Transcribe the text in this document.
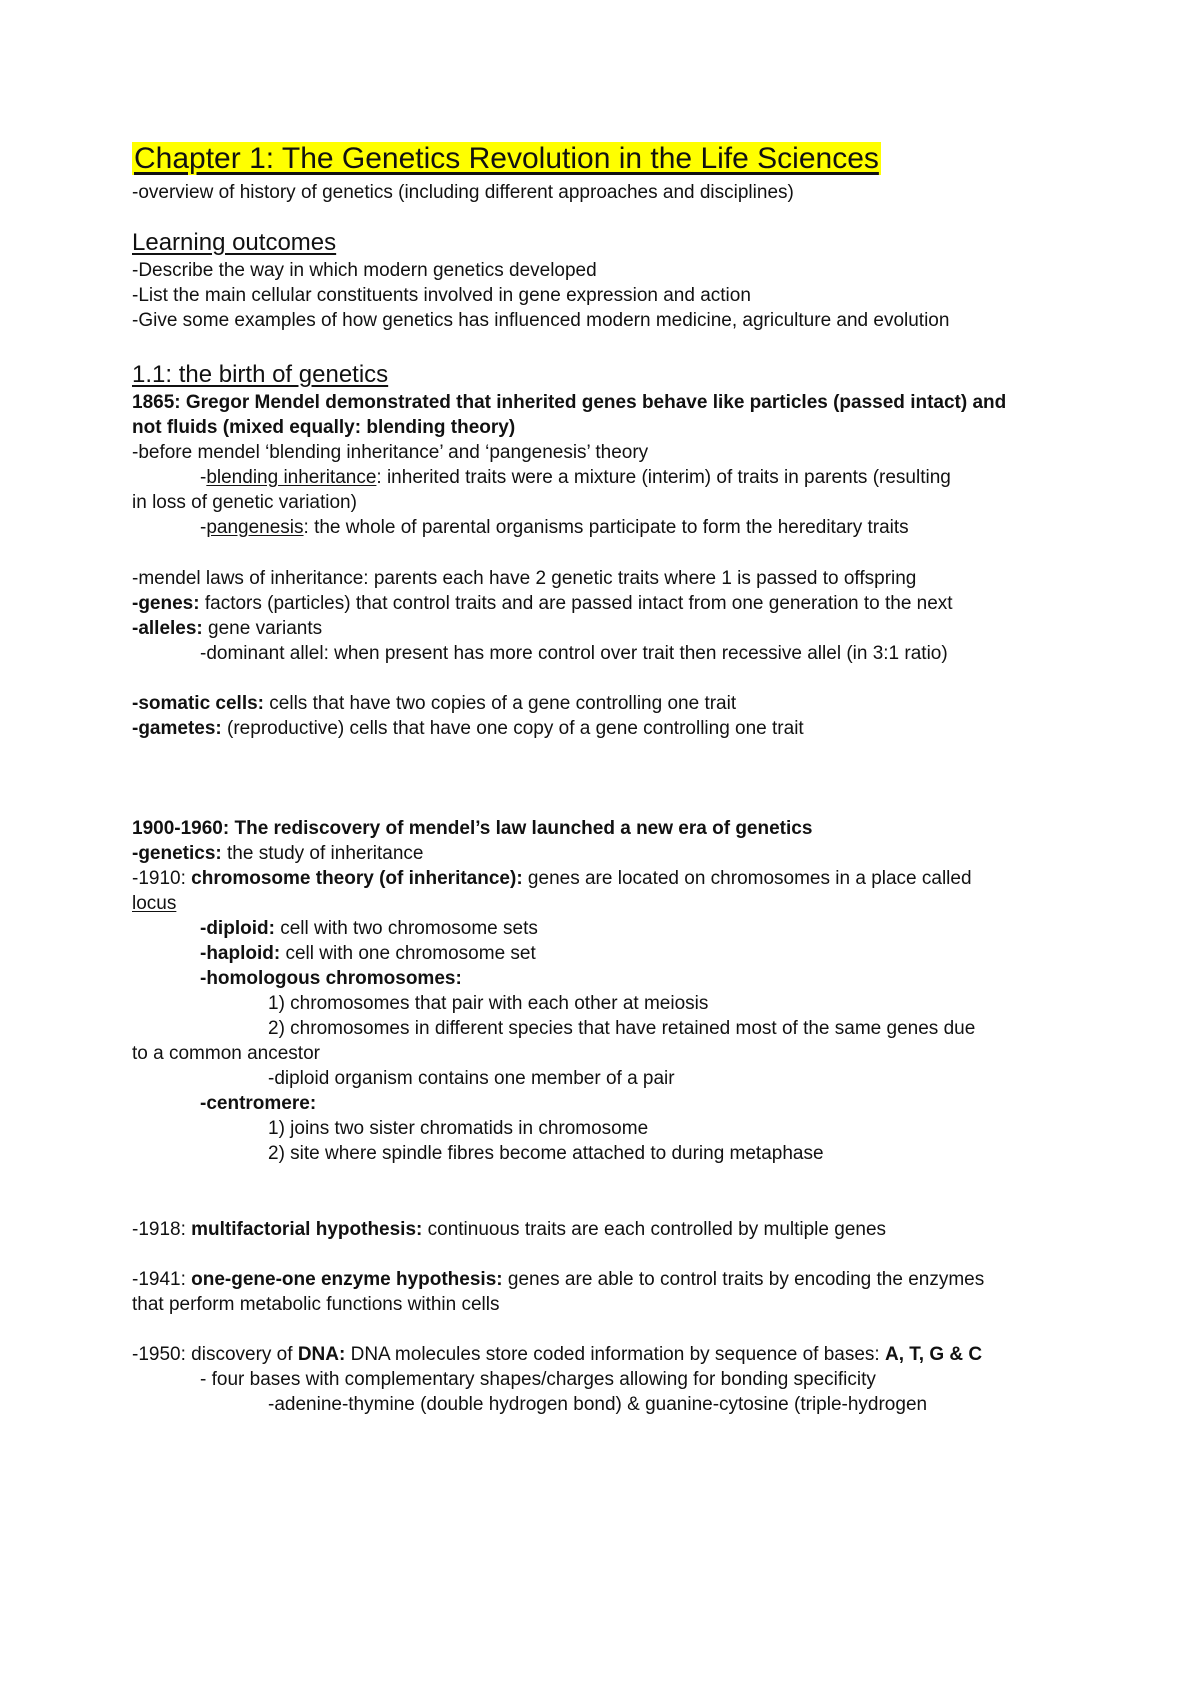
Chapter 1: The Genetics Revolution in the Life Sciences
-overview of history of genetics (including different approaches and disciplines)
Learning outcomes
-Describe the way in which modern genetics developed
-List the main cellular constituents involved in gene expression and action
-Give some examples of how genetics has influenced modern medicine, agriculture and evolution
1.1: the birth of genetics
1865: Gregor Mendel demonstrated that inherited genes behave like particles (passed intact) and
not fluids (mixed equally: blending theory)
-before mendel ‘blending inheritance’ and ‘pangenesis’ theory
-blending inheritance: inherited traits were a mixture (interim) of traits in parents (resulting
in loss of genetic variation)
-pangenesis: the whole of parental organisms participate to form the hereditary traits
-mendel laws of inheritance: parents each have 2 genetic traits where 1 is passed to offspring
-genes: factors (particles) that control traits and are passed intact from one generation to the next
-alleles: gene variants
-dominant allel: when present has more control over trait then recessive allel (in 3:1 ratio)
-somatic cells: cells that have two copies of a gene controlling one trait
-gametes: (reproductive) cells that have one copy of a gene controlling one trait
1900-1960: The rediscovery of mendel’s law launched a new era of genetics
-genetics: the study of inheritance
-1910: chromosome theory (of inheritance): genes are located on chromosomes in a place called
locus
-diploid: cell with two chromosome sets
-haploid: cell with one chromosome set
-homologous chromosomes:
1) chromosomes that pair with each other at meiosis
2) chromosomes in different species that have retained most of the same genes due
to a common ancestor
-diploid organism contains one member of a pair
-centromere:
1) joins two sister chromatids in chromosome
2) site where spindle fibres become attached to during metaphase
-1918: multifactorial hypothesis: continuous traits are each controlled by multiple genes
-1941: one-gene-one enzyme hypothesis: genes are able to control traits by encoding the enzymes
that perform metabolic functions within cells
-1950: discovery of DNA: DNA molecules store coded information by sequence of bases: A, T, G & C
- four bases with complementary shapes/charges allowing for bonding specificity
-adenine-thymine (double hydrogen bond) & guanine-cytosine (triple-hydrogen
